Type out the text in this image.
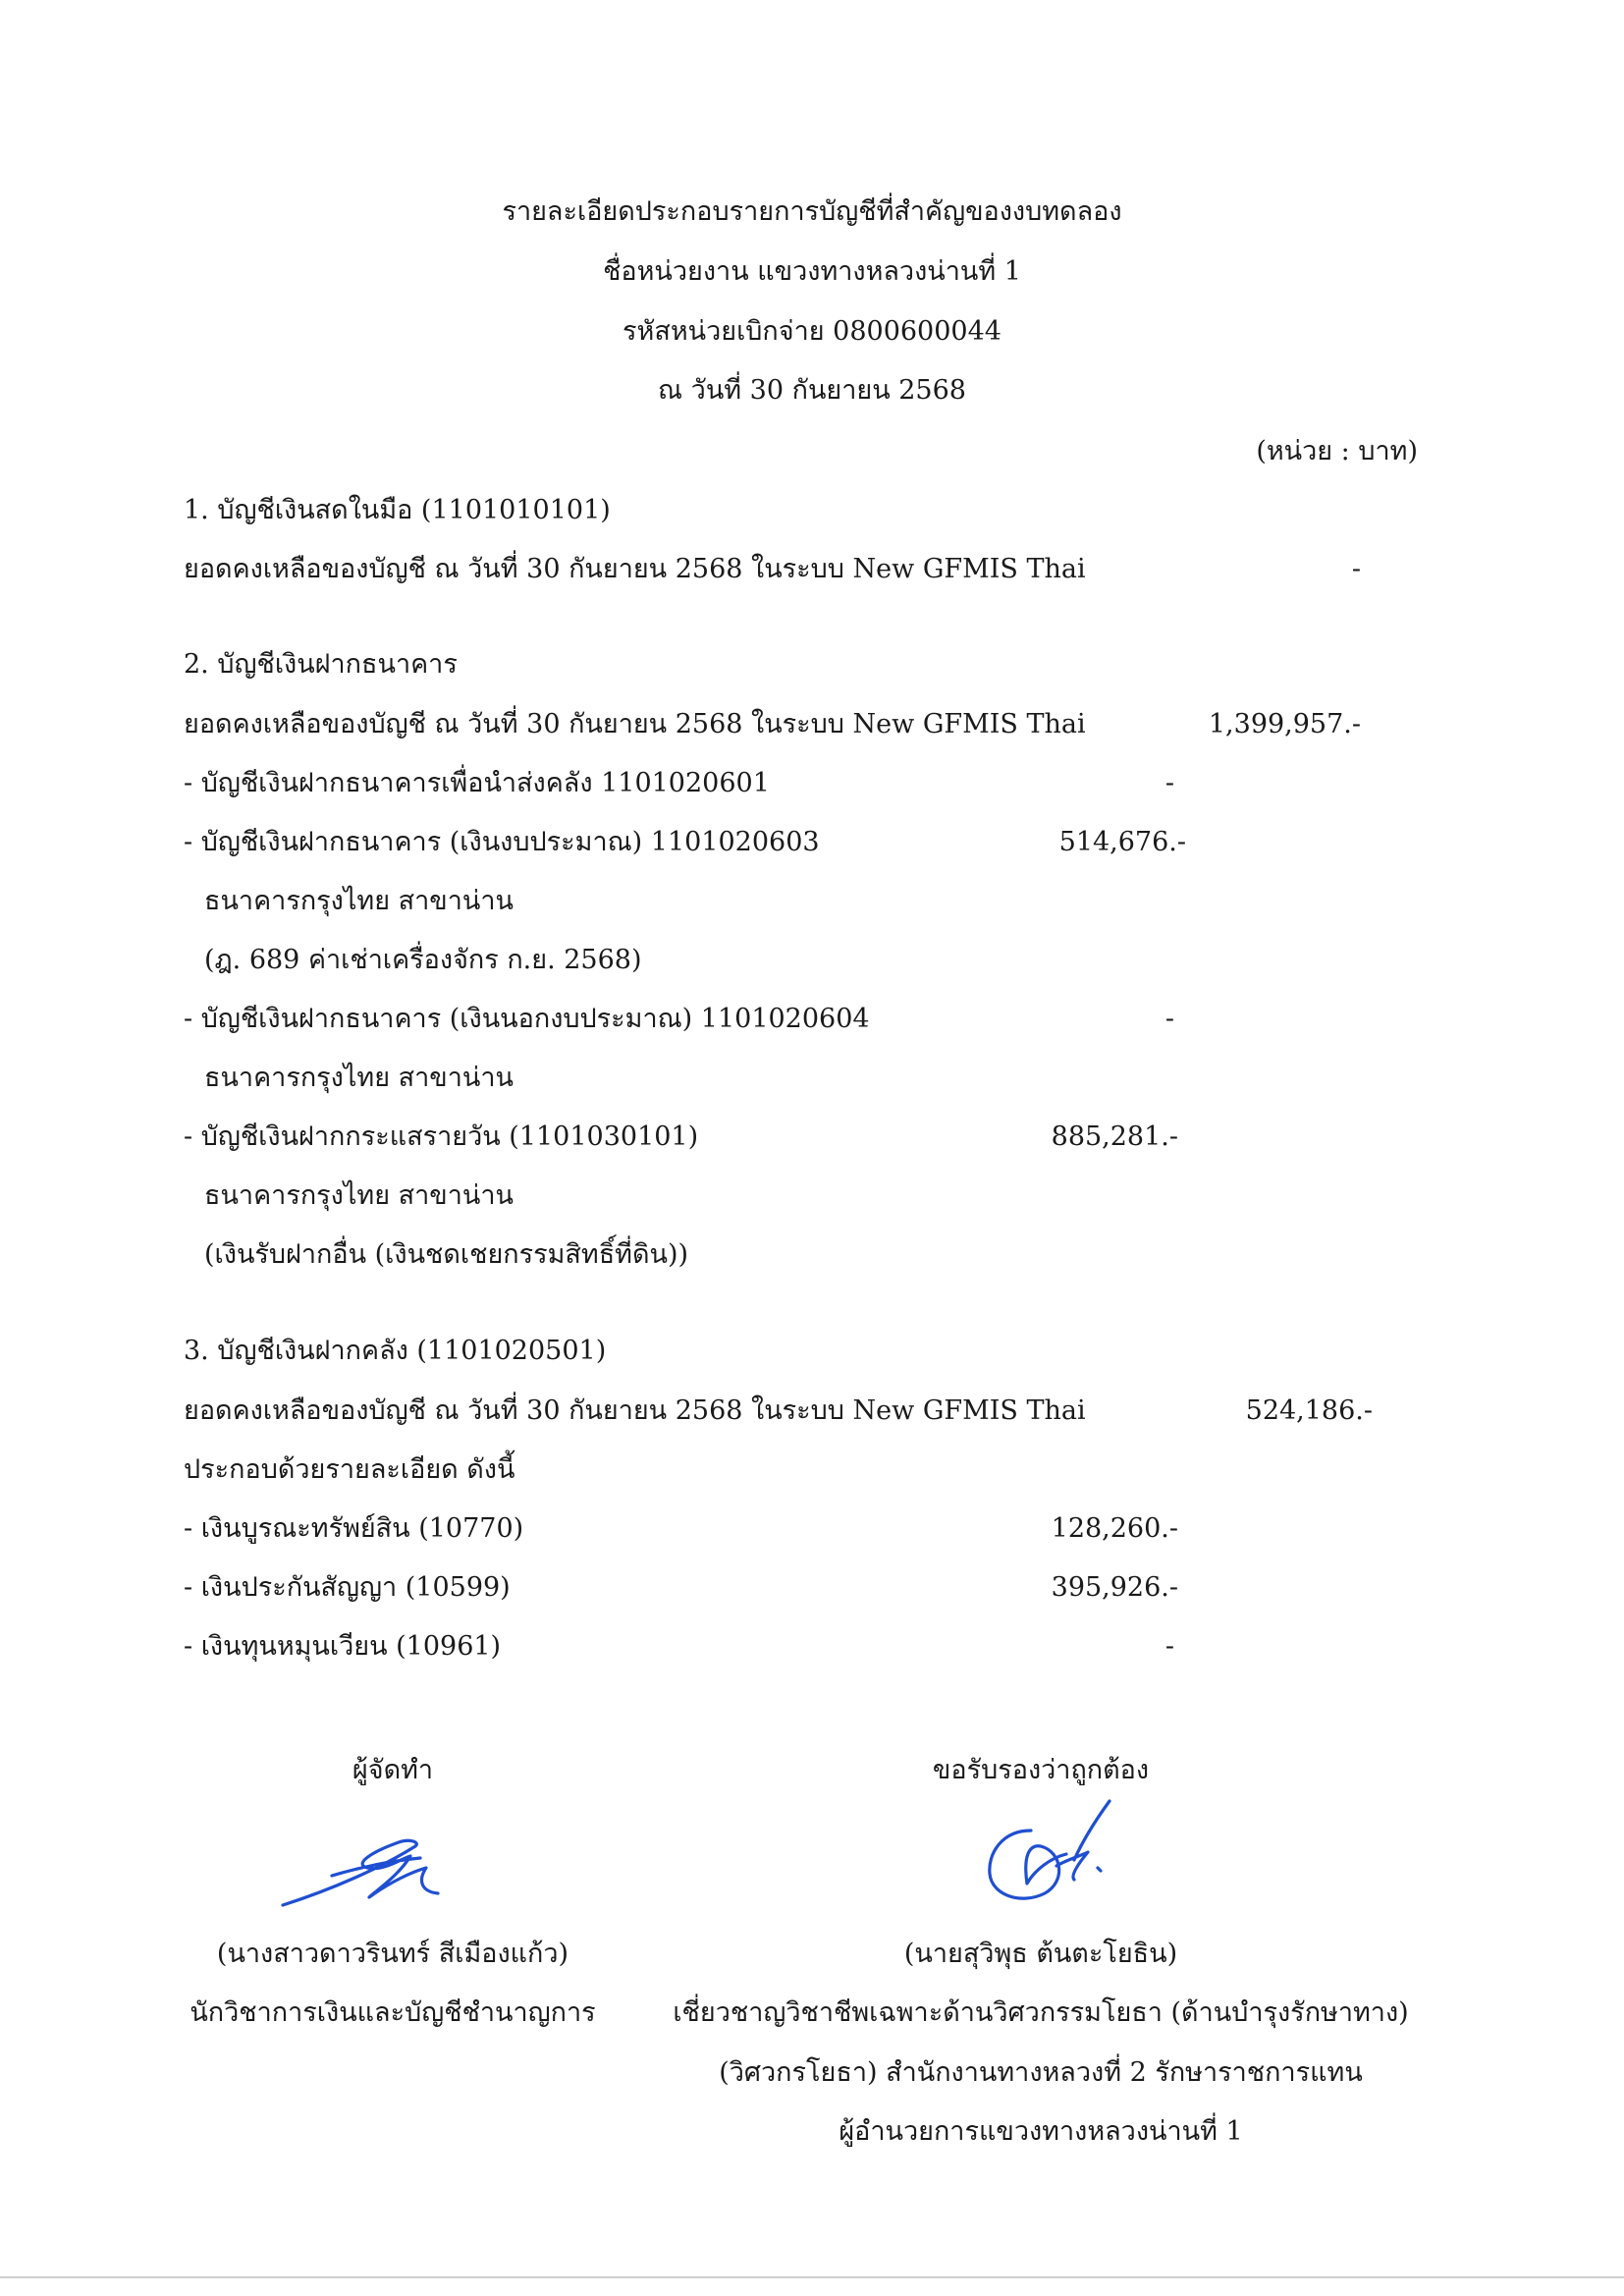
รายละเอียดประกอบรายการบัญชีที่สำคัญของงบทดลอง
ชื่อหน่วยงาน แขวงทางหลวงน่านที่ 1
รหัสหน่วยเบิกจ่าย 0800600044
ณ วันที่ 30 กันยายน 2568
(หน่วย : บาท)
1. บัญชีเงินสดในมือ (1101010101)
ยอดคงเหลือของบัญชี ณ วันที่ 30 กันยายน 2568 ในระบบ New GFMIS Thai	-
2. บัญชีเงินฝากธนาคาร
ยอดคงเหลือของบัญชี ณ วันที่ 30 กันยายน 2568 ในระบบ New GFMIS Thai	1,399,957.-
- บัญชีเงินฝากธนาคารเพื่อนำส่งคลัง 1101020601	-
- บัญชีเงินฝากธนาคาร (เงินงบประมาณ) 1101020603	514,676.-
ธนาคารกรุงไทย สาขาน่าน
(ฎ. 689 ค่าเช่าเครื่องจักร ก.ย. 2568)
- บัญชีเงินฝากธนาคาร (เงินนอกงบประมาณ) 1101020604	-
ธนาคารกรุงไทย สาขาน่าน
- บัญชีเงินฝากกระแสรายวัน (1101030101)	885,281.-
ธนาคารกรุงไทย สาขาน่าน
(เงินรับฝากอื่น (เงินชดเชยกรรมสิทธิ์ที่ดิน))
3. บัญชีเงินฝากคลัง (1101020501)
ยอดคงเหลือของบัญชี ณ วันที่ 30 กันยายน 2568 ในระบบ New GFMIS Thai	524,186.-
ประกอบด้วยรายละเอียด ดังนี้
- เงินบูรณะทรัพย์สิน (10770)	128,260.-
- เงินประกันสัญญา (10599)	395,926.-
- เงินทุนหมุนเวียน (10961)	-
ผู้จัดทำ
(นางสาวดาวรินทร์ สีเมืองแก้ว)
นักวิชาการเงินและบัญชีชำนาญการ
ขอรับรองว่าถูกต้อง
(นายสุวิพุธ ต้นตะโยธิน)
เชี่ยวชาญวิชาชีพเฉพาะด้านวิศวกรรมโยธา (ด้านบำรุงรักษาทาง)
(วิศวกรโยธา) สำนักงานทางหลวงที่ 2 รักษาราชการแทน
ผู้อำนวยการแขวงทางหลวงน่านที่ 1
